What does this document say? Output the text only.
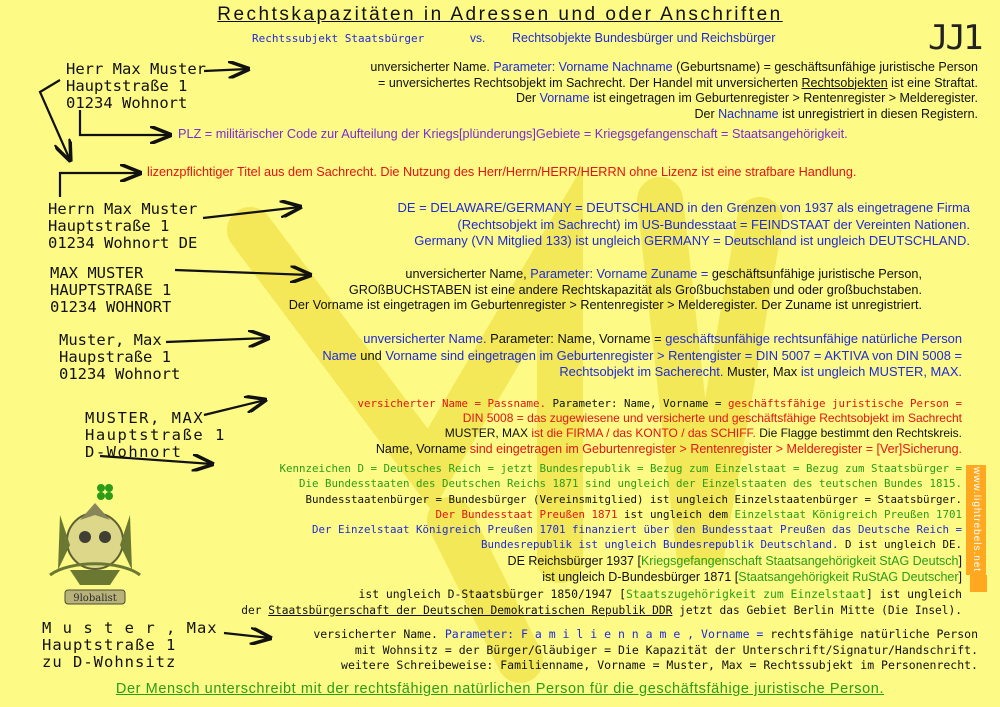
Rechtskapazitäten in Adressen und oder Anschriften
Rechtssubjekt Staatsbürger	vs. Rechtsobjekte Bundesbürger und Reichsbürger	JJ1
Herr Max Muster
Hauptstraße 1
01234 Wohnort
Herrn Max Muster
Hauptstraße 1
01234 Wohnort DE
MAX MUSTER
HAUPTSTRAßE 1
01234 WOHNORT
Muster, Max
Haupstraße 1
01234 Wohnort
MUSTER, MAX
Hauptstraße 1
D-Wohnort
M u s t e r , Max
Hauptstraße 1
zu D-Wohnsitz
unversicherter Name. Parameter: Vorname Nachname (Geburtsname) = geschäftsunfähige juristische Person
= unversichertes Rechtsobjekt im Sachrecht. Der Handel mit unversicherten Rechtsobjekten ist eine Straftat.
Der Vorname ist eingetragen im Geburtenregister > Rentenregister > Melderegister.
Der Nachname ist unregistriert in diesen Registern.
PLZ = militärischer Code zur Aufteilung der Kriegs[plünderungs]Gebiete = Kriegsgefangenschaft = Staatsangehörigkeit.
lizenzpflichtiger Titel aus dem Sachrecht. Die Nutzung des Herr/Herrn/HERR/HERRN ohne Lizenz ist eine strafbare Handlung.
DE = DELAWARE/GERMANY = DEUTSCHLAND in den Grenzen von 1937 als eingetragene Firma
(Rechtsobjekt im Sachrecht) im US-Bundesstaat = FEINDSTAAT der Vereinten Nationen.
Germany (VN Mitglied 133) ist ungleich GERMANY = Deutschland ist ungleich DEUTSCHLAND.
unversicherter Name, Parameter: Vorname Zuname = geschäftsunfähige juristische Person,
GROßBUCHSTABEN ist eine andere Rechtskapazität als Großbuchstaben und oder großbuchstaben.
Der Vorname ist eingetragen im Geburtenregister > Rentenregister > Melderegister. Der Zuname ist unregistriert.
unversicherter Name. Parameter: Name, Vorname = geschäftsunfähige rechtsunfähige natürliche Person
Name und Vorname sind eingetragen im Geburtenregister > Rentengister = DIN 5007 = AKTIVA von DIN 5008 =
Rechtsobjekt im Sacherecht. Muster, Max ist ungleich MUSTER, MAX.
versicherter Name = Passname. Parameter: Name, Vorname = geschäftsfähige juristische Person =
DIN 5008 = das zugewiesene und versicherte und geschäftsfähige Rechtsobjekt im Sachrecht
MUSTER, MAX ist die FIRMA / das KONTO / das SCHIFF. Die Flagge bestimmt den Rechtskreis.
Name, Vorname sind eingetragen im Geburtenregister > Rentenregister > Melderegister = [Ver]Sicherung.
Kennzeichen D = Deutsches Reich = jetzt Bundesrepublik = Bezug zum Einzelstaat = Bezug zum Staatsbürger =
Die Bundesstaaten des Deutschen Reichs 1871 sind ungleich der Einzelstaaten des teutschen Bundes 1815.
Bundesstaatenbürger = Bundesbürger (Vereinsmitglied) ist ungleich Einzelstaatenbürger = Staatsbürger.
Der Bundesstaat Preußen 1871 ist ungleich dem Einzelstaat Königreich Preußen 1701
Der Einzelstaat Königreich Preußen 1701 finanziert über den Bundesstaat Preußen das Deutsche Reich =
Bundesrepublik ist ungleich Bundesrepublik Deutschland. D ist ungleich DE.
DE Reichsbürger 1937 [Kriegsgefangenschaft Staatsangehörigkeit StAG Deutsch]
ist ungleich D-Bundesbürger 1871 [Staatsangehörigkeit RuStAG Deutscher]
ist ungleich D-Staatsbürger 1850/1947 [Staatszugehörigkeit zum Einzelstaat] ist ungleich
der Staatsbürgerschaft der Deutschen Demokratischen Republik DDR jetzt das Gebiet Berlin Mitte (Die Insel).
versicherter Name. Parameter: F a m i l i e n n a m e , Vorname = rechtsfähige natürliche Person
mit Wohnsitz = der Bürger/Gläubiger = Die Kapazität der Unterschrift/Signatur/Handschrift.
weitere Schreibeweise: Familienname, Vorname = Muster, Max = Rechtssubjekt im Personenrecht.
9lobalist
www.lightrebels.net
Der Mensch unterschreibt mit der rechtsfähigen natürlichen Person für die geschäftsfähige juristische Person.
